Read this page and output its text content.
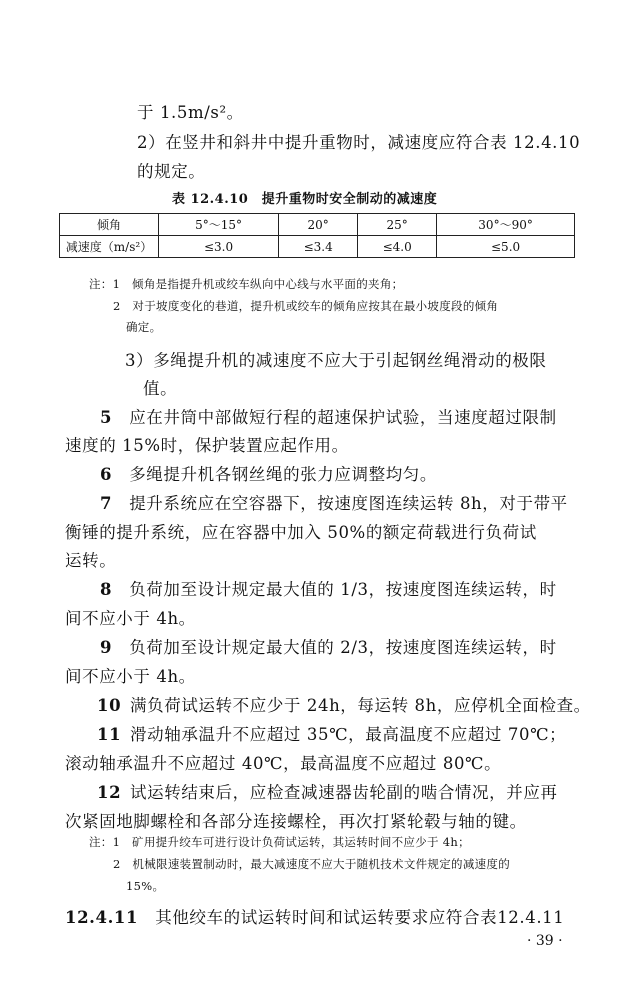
于 1.5m/s²。
2）在竖井和斜井中提升重物时，减速度应符合表 12.4.10
的规定。
表 12.4.10　提升重物时安全制动的减速度
倾角	5°～15°	20°	25°	30°～90°
减速度（m/s²）	≤3.0	≤3.4	≤4.0	≤5.0
注：1　倾角是指提升机或绞车纵向中心线与水平面的夹角；
2　对于坡度变化的巷道，提升机或绞车的倾角应按其在最小坡度段的倾角
确定。
3）多绳提升机的减速度不应大于引起钢丝绳滑动的极限
值。
5  应在井筒中部做短行程的超速保护试验，当速度超过限制
速度的 15%时，保护装置应起作用。
6  多绳提升机各钢丝绳的张力应调整均匀。
7  提升系统应在空容器下，按速度图连续运转 8h，对于带平
衡锤的提升系统，应在容器中加入 50%的额定荷载进行负荷试
运转。
8  负荷加至设计规定最大值的 1/3，按速度图连续运转，时
间不应小于 4h。
9  负荷加至设计规定最大值的 2/3，按速度图连续运转，时
间不应小于 4h。
10  满负荷试运转不应少于 24h，每运转 8h，应停机全面检查。
11  滑动轴承温升不应超过 35℃，最高温度不应超过 70℃；
滚动轴承温升不应超过 40℃，最高温度不应超过 80℃。
12  试运转结束后，应检查减速器齿轮副的啮合情况，并应再
次紧固地脚螺栓和各部分连接螺栓，再次打紧轮毂与轴的键。
注：1　矿用提升绞车可进行设计负荷试运转，其运转时间不应少于 4h；
2　机械限速装置制动时，最大减速度不应大于随机技术文件规定的减速度的
15%。
12.4.11  其他绞车的试运转时间和试运转要求应符合表12.4.11
· 39 ·
